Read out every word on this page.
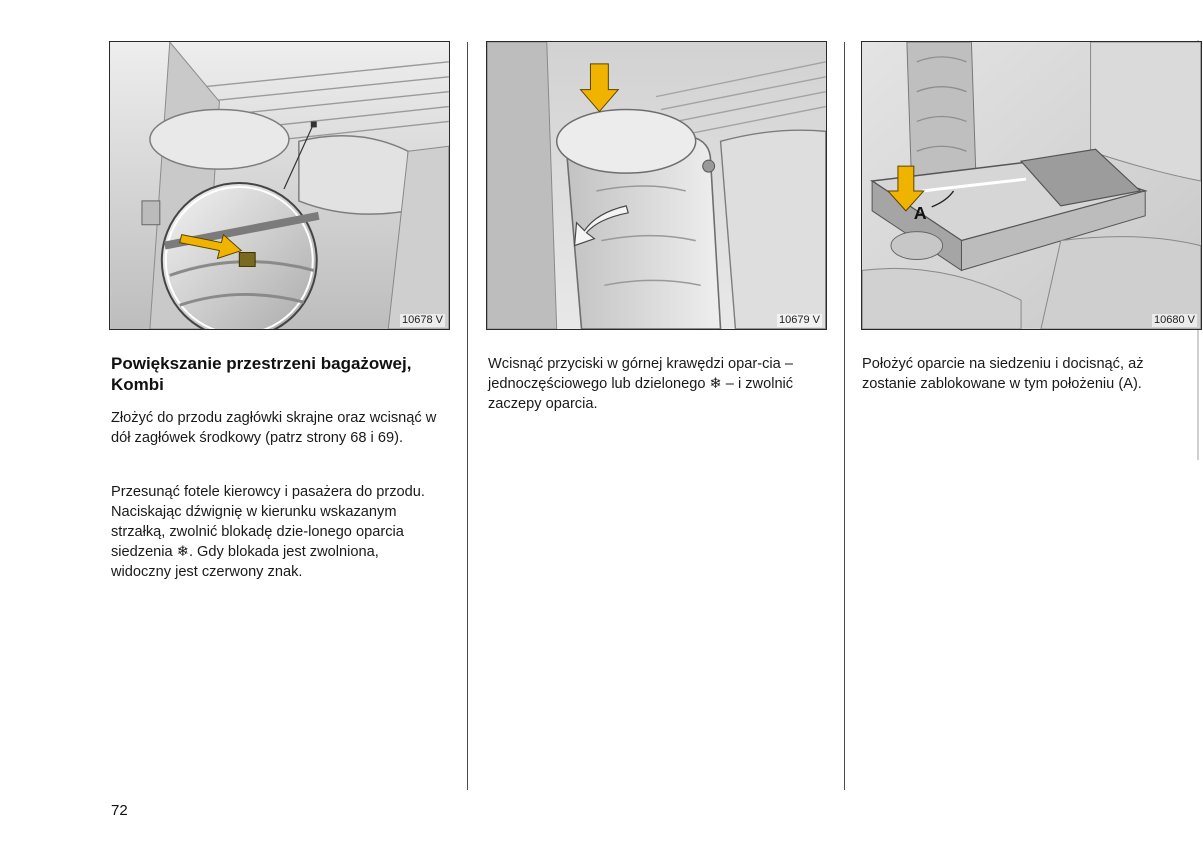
10678 V	10679 V
A
10680 V
Powiększanie przestrzeni bagażowej, Kombi
Złożyć do przodu zagłówki skrajne oraz wcisnąć w dół zagłówek środkowy (patrz strony 68 i 69).
Przesunąć fotele kierowcy i pasażera do przodu. Naciskając dźwignię w kierunku wskazanym strzałką, zwolnić blokadę dzie-lonego oparcia siedzenia ❄. Gdy blokada jest zwolniona, widoczny jest czerwony znak.
Wcisnąć przyciski w górnej krawędzi opar-cia – jednoczęściowego lub dzielonego ❄ – i zwolnić zaczepy oparcia.
Położyć oparcie na siedzeniu i docisnąć, aż zostanie zablokowane w tym położeniu (A).
72
